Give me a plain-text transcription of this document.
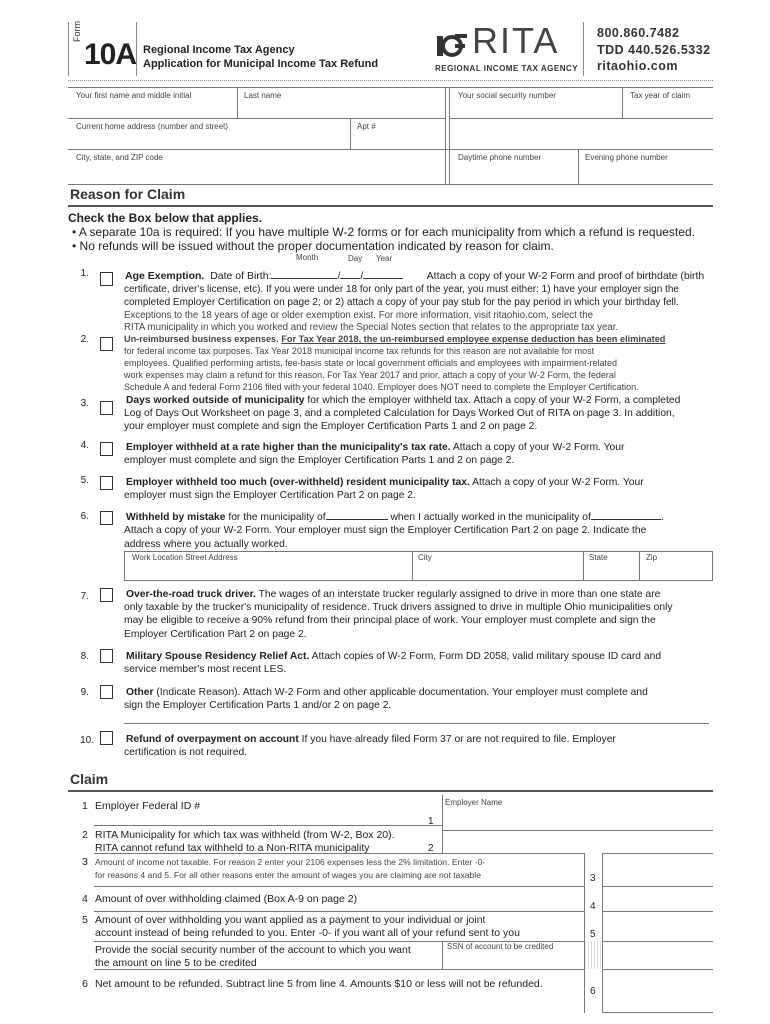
Form
10A Regional Income Tax Agency
Application for Municipal Income Tax Refund
RITA
REGIONAL INCOME TAX AGENCY
800.860.7482
TDD 440.526.5332
ritaohio.com
Your first name and middle initial	Last name	Your social security number	Tax year of claim
Current home address (number and street)	Apt #
City, state, and ZIP code	Daytime phone number	Evening phone number
Reason for Claim
Check the Box below that applies.
• A separate 10a is required: If you have multiple W-2 forms or for each municipality from which a refund is requested.
• No refunds will be issued without the proper documentation indicated by reason for claim.
Month	Day Year
1.	Age Exemption. Date of Birth:	/ /	Attach a copy of your W-2 Form and proof of birthdate (birth
certificate, driver's license, etc). If you were under 18 for only part of the year, you must either: 1) have your employer sign the
completed Employer Certification on page 2; or 2) attach a copy of your pay stub for the pay period in which your birthday fell.
Exceptions to the 18 years of age or older exemption exist. For more information, visit ritaohio.com, select the
RITA municipality in which you worked and review the Special Notes section that relates to the appropriate tax year.
2.	Un-reimbursed business expenses. For Tax Year 2018, the un-reimbursed employee expense deduction has been eliminated
for federal income tax purposes. Tax Year 2018 municipal income tax refunds for this reason are not available for most
employees. Qualified performing artists, fee-basis state or local government officials and employees with impairment-related
work expenses may claim a refund for this reason. For Tax Year 2017 and prior, attach a copy of your W-2 Form, the federal
Schedule A and federal Form 2106 filed with your federal 1040. Employer does NOT need to complete the Employer Certification.
3.	Days worked outside of municipality for which the employer withheld tax. Attach a copy of your W-2 Form, a completed
Log of Days Out Worksheet on page 3, and a completed Calculation for Days Worked Out of RITA on page 3. In addition,
your employer must complete and sign the Employer Certification Parts 1 and 2 on page 2.
4.	Employer withheld at a rate higher than the municipality's tax rate. Attach a copy of your W-2 Form. Your
employer must complete and sign the Employer Certification Parts 1 and 2 on page 2.
5.	Employer withheld too much (over-withheld) resident municipality tax. Attach a copy of your W-2 Form. Your
employer must sign the Employer Certification Part 2 on page 2.
6.	Withheld by mistake for the municipality of	when I actually worked in the municipality of	.
Attach a copy of your W-2 Form. Your employer must sign the Employer Certification Part 2 on page 2. Indicate the
address where you actually worked.
Work Location Street Address	City	State	Zip
7.	Over-the-road truck driver. The wages of an interstate trucker regularly assigned to drive in more than one state are
only taxable by the trucker's municipality of residence. Truck drivers assigned to drive in multiple Ohio municipalities only
may be eligible to receive a 90% refund from their principal place of work. Your employer must complete and sign the
Employer Certification Part 2 on page 2.
8.	Military Spouse Residency Relief Act. Attach copies of W-2 Form, Form DD 2058, valid military spouse ID card and
service member's most recent LES.
9.	Other (Indicate Reason). Attach W-2 Form and other applicable documentation. Your employer must complete and
sign the Employer Certification Parts 1 and/or 2 on page 2.
10.	Refund of overpayment on account If you have already filed Form 37 or are not required to file. Employer
certification is not required.
Claim
1 Employer Federal ID #	Employer Name
1
2 RITA Municipality for which tax was withheld (from W-2, Box 20).
RITA cannot refund tax withheld to a Non-RITA municipality	2
3 Amount of income not taxable. For reason 2 enter your 2106 expenses less the 2% limitation. Enter -0-
for reasons 4 and 5. For all other reasons enter the amount of wages you are claiming are not taxable	3
4 Amount of over withholding claimed (Box A-9 on page 2)
4
5 Amount of over withholding you want applied as a payment to your individual or joint
account instead of being refunded to you. Enter -0- if you want all of your refund sent to you	5
Provide the social security number of the account to which you want
the amount on line 5 to be credited
SSN of account to be credited
6 Net amount to be refunded. Subtract line 5 from line 4. Amounts $10 or less will not be refunded.
6
